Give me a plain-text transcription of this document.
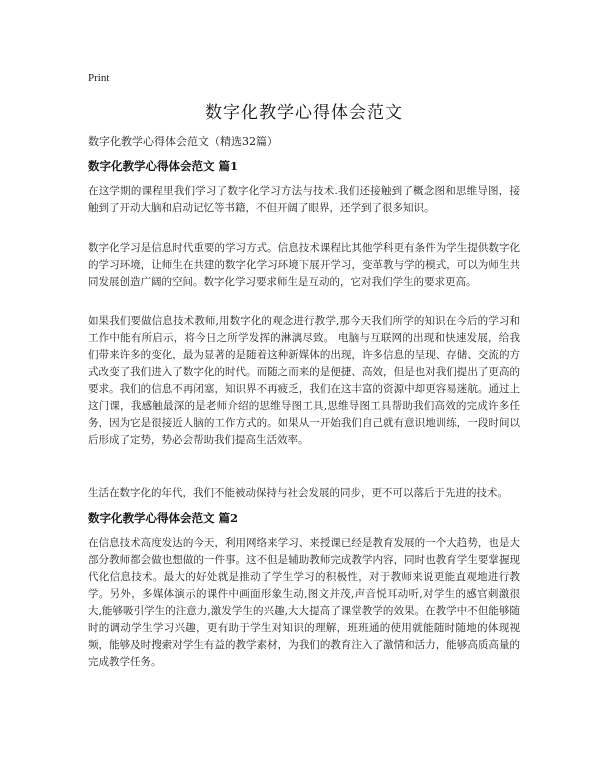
Print
数字化教学心得体会范文
数字化教学心得体会范文（精选32篇）
数字化教学心得体会范文 篇1

在这学期的课程里我们学习了数字化学习方法与技术.我们还接触到了概念图和思维导图，接触到了开动大脑和启动记忆等书籍，不但开阔了眼界，还学到了很多知识。

数字化学习是信息时代重要的学习方式。信息技术课程比其他学科更有条件为学生提供数字化的学习环境，让师生在共建的数字化学习环境下展开学习，变革教与学的模式，可以为师生共同发展创造广阔的空间。数字化学习要求师生是互动的，它对我们学生的要求更高。

如果我们要做信息技术教师,用数字化的观念进行教学,那今天我们所学的知识在今后的学习和工作中能有所启示，将今日之所学发挥的淋漓尽致。 电脑与互联网的出现和快速发展，给我们带来许多的变化，最为显著的是随着这种新媒体的出现，许多信息的呈现、存储、交流的方式改变了我们进入了数字化的时代。而随之而来的是便捷、高效，但是也对我们提出了更高的要求。我们的信息不再闭塞，知识界不再疲乏，我们在这丰富的资源中却更容易迷航。通过上这门课，我感触最深的是老师介绍的思维导图工具,思维导图工具帮助我们高效的完成许多任务，因为它是很接近人脑的工作方式的。如果从一开始我们自己就有意识地训练，一段时间以后形成了定势，势必会帮助我们提高生活效率。

生活在数字化的年代，我们不能被动保持与社会发展的同步，更不可以落后于先进的技术。

数字化教学心得体会范文 篇2

在信息技术高度发达的今天，利用网络来学习、来授课已经是教育发展的一个大趋势，也是大部分教师都会做也想做的一件事。这不但是辅助教师完成教学内容，同时也教育学生要掌握现代化信息技术。最大的好处就是推动了学生学习的积极性，对于教师来说更能直观地进行教学。另外，多媒体演示的课件中画面形象生动,图文并茂,声音悦耳动听,对学生的感官刺激很大,能够吸引学生的注意力,激发学生的兴趣,大大提高了课堂教学的效果。在教学中不但能够随时的调动学生学习兴趣，更有助于学生对知识的理解，班班通的使用就能随时随地的体现视频，能够及时搜索对学生有益的教学素材，为我们的教育注入了激情和活力，能够高质高量的完成教学任务。
